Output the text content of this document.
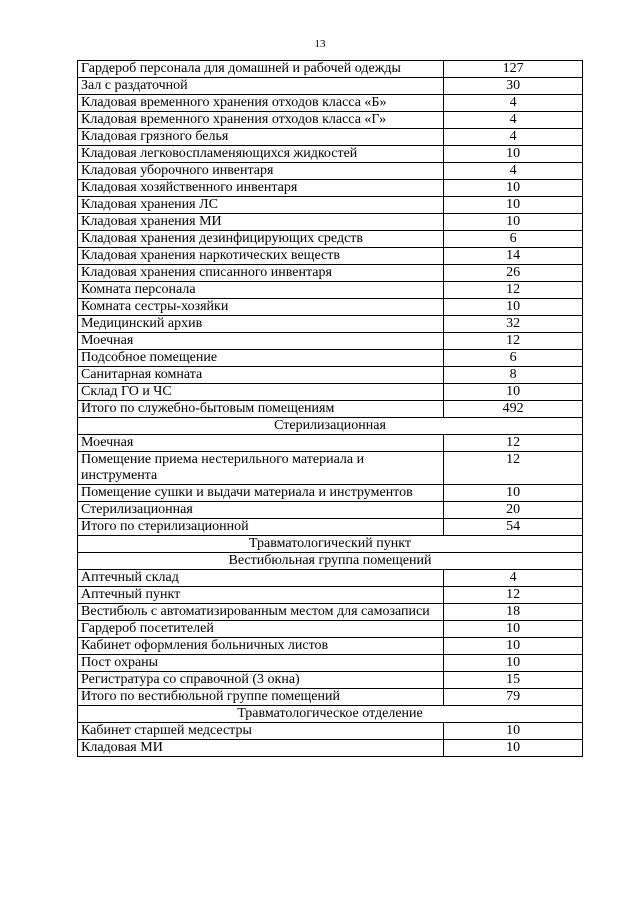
13
Гардероб персонала для домашней и рабочей одежды	127
Зал с раздаточной	30
Кладовая временного хранения отходов класса «Б»	4
Кладовая временного хранения отходов класса «Г»	4
Кладовая грязного белья	4
Кладовая легковоспламеняющихся жидкостей	10
Кладовая уборочного инвентаря	4
Кладовая хозяйственного инвентаря	10
Кладовая хранения ЛС	10
Кладовая хранения МИ	10
Кладовая хранения дезинфицирующих средств	6
Кладовая хранения наркотических веществ	14
Кладовая хранения списанного инвентаря	26
Комната персонала	12
Комната сестры-хозяйки	10
Медицинский архив	32
Моечная	12
Подсобное помещение	6
Санитарная комната	8
Склад ГО и ЧС	10
Итого по служебно-бытовым помещениям	492
Стерилизационная	
Моечная	12
Помещение приема нестерильного материала и инструмента	12
Помещение сушки и выдачи материала и инструментов	10
Стерилизационная	20
Итого по стерилизационной	54
Травматологический пункт	
Вестибюльная группа помещений	
Аптечный склад	4
Аптечный пункт	12
Вестибюль с автоматизированным местом для самозаписи	18
Гардероб посетителей	10
Кабинет оформления больничных листов	10
Пост охраны	10
Регистратура со справочной (3 окна)	15
Итого по вестибюльной группе помещений	79
Травматологическое отделение	
Кабинет старшей медсестры	10
Кладовая МИ	10
